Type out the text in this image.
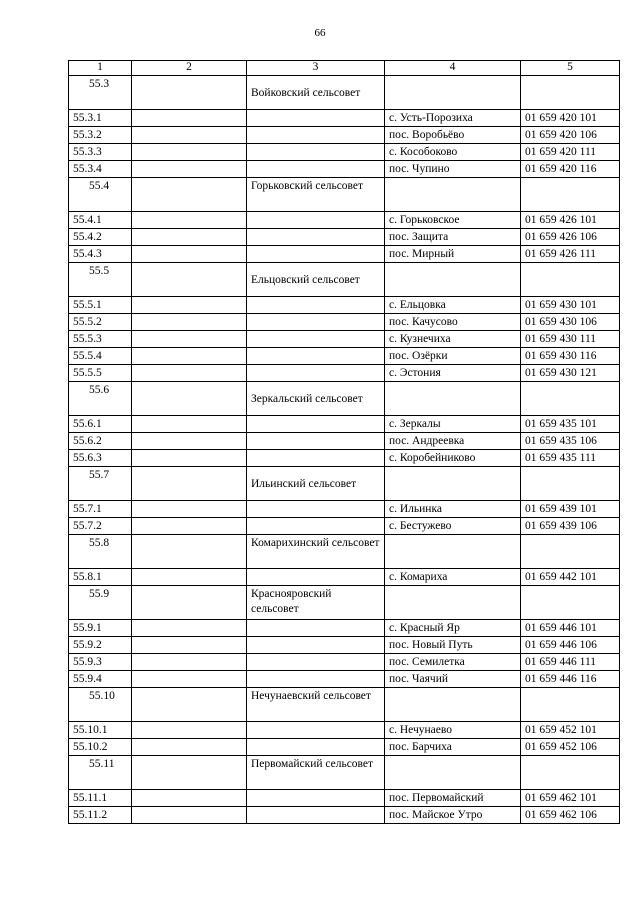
66
1	2	3	4	5
55.3		Войковский сельсовет		
55.3.1			с. Усть-Порозиха	01 659 420 101
55.3.2			пос. Воробьёво	01 659 420 106
55.3.3			с. Кособоково	01 659 420 111
55.3.4			пос. Чупино	01 659 420 116
55.4		Горьковский сельсовет		
55.4.1			с. Горьковское	01 659 426 101
55.4.2			пос. Защита	01 659 426 106
55.4.3			пос. Мирный	01 659 426 111
55.5		Ельцовский сельсовет		
55.5.1			с. Ельцовка	01 659 430 101
55.5.2			пос. Качусово	01 659 430 106
55.5.3			с. Кузнечиха	01 659 430 111
55.5.4			пос. Озёрки	01 659 430 116
55.5.5			с. Эстония	01 659 430 121
55.6		Зеркальский сельсовет		
55.6.1			с. Зеркалы	01 659 435 101
55.6.2			пос. Андреевка	01 659 435 106
55.6.3			с. Коробейниково	01 659 435 111
55.7		Ильинский сельсовет		
55.7.1			с. Ильинка	01 659 439 101
55.7.2			с. Бестужево	01 659 439 106
55.8		Комарихинский сельсовет		
55.8.1			с. Комариха	01 659 442 101
55.9		Краснояровский сельсовет		
55.9.1			с. Красный Яр	01 659 446 101
55.9.2			пос. Новый Путь	01 659 446 106
55.9.3			пос. Семилетка	01 659 446 111
55.9.4			пос. Чаячий	01 659 446 116
55.10		Нечунаевский сельсовет		
55.10.1			с. Нечунаево	01 659 452 101
55.10.2			пос. Барчиха	01 659 452 106
55.11		Первомайский сельсовет		
55.11.1			пос. Первомайский	01 659 462 101
55.11.2			пос. Майское Утро	01 659 462 106
